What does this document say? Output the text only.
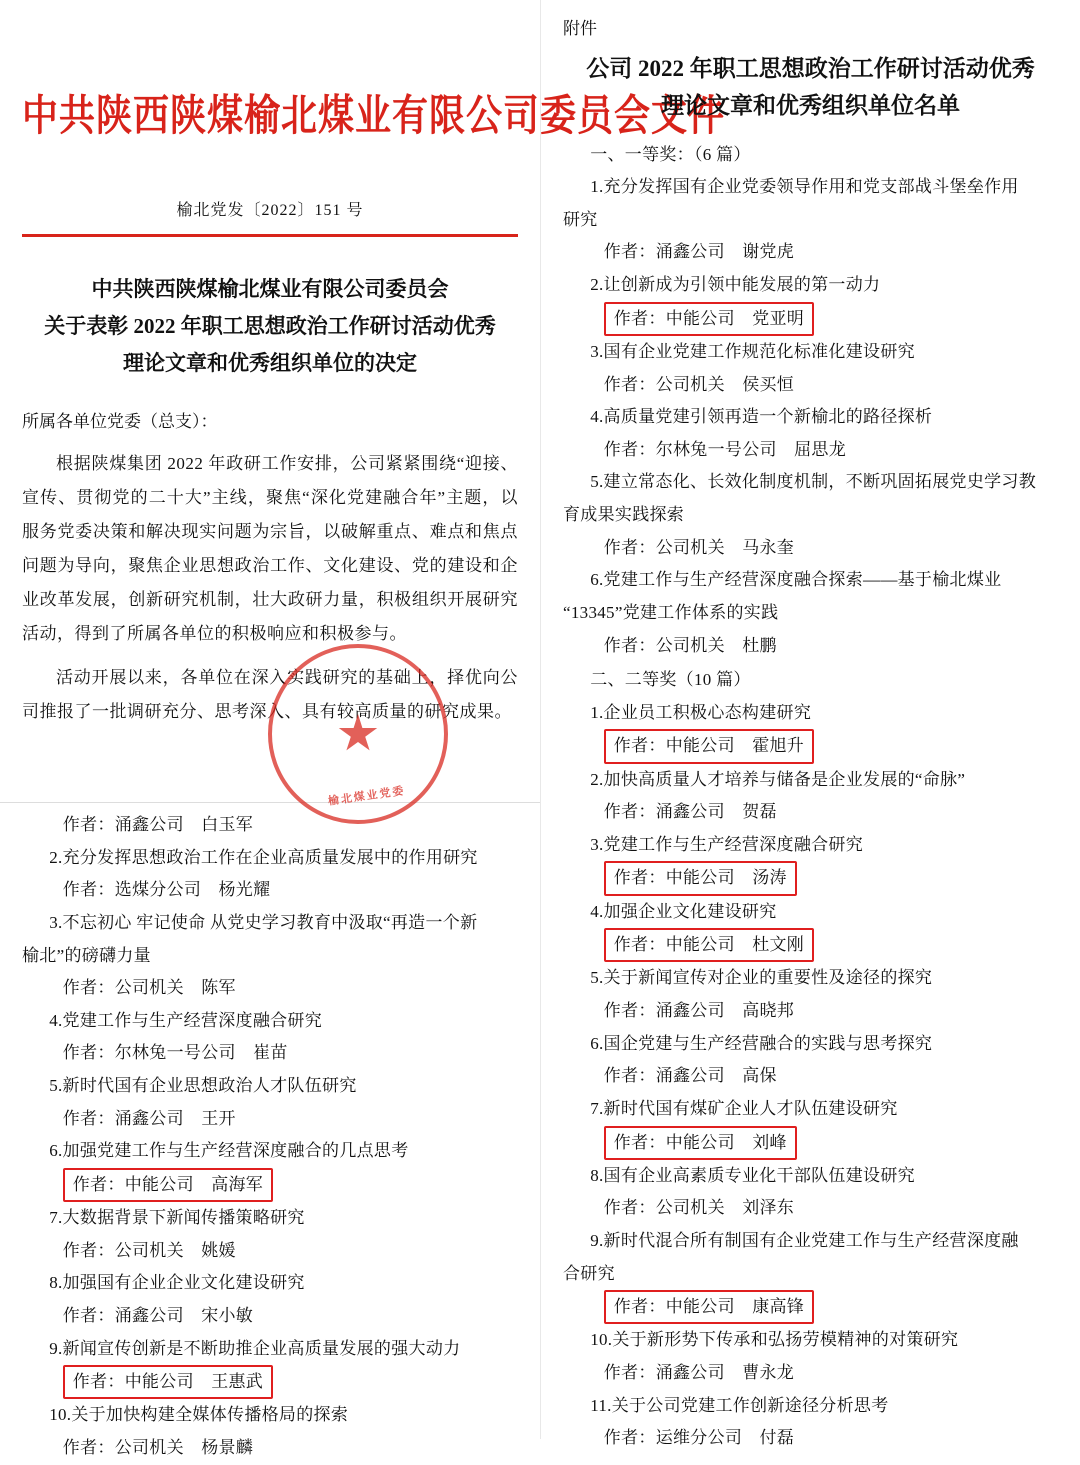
中共陕西陕煤榆北煤业有限公司委员会文件
榆北党发〔2022〕151 号
中共陕西陕煤榆北煤业有限公司委员会
关于表彰 2022 年职工思想政治工作研讨活动优秀
理论文章和优秀组织单位的决定
所属各单位党委（总支）：
根据陕煤集团 2022 年政研工作安排，公司紧紧围绕“迎接、宣传、贯彻党的二十大”主线，聚焦“深化党建融合年”主题，以服务党委决策和解决现实问题为宗旨，以破解重点、难点和焦点问题为导向，聚焦企业思想政治工作、文化建设、党的建设和企业改革发展，创新研究机制，壮大政研力量，积极组织开展研究活动，得到了所属各单位的积极响应和积极参与。
活动开展以来，各单位在深入实践研究的基础上，择优向公司推报了一批调研充分、思考深入、具有较高质量的研究成果。
榆北煤业党委
作者：涌鑫公司　白玉军
2.充分发挥思想政治工作在企业高质量发展中的作用研究
作者：选煤分公司　杨光耀
3.不忘初心 牢记使命 从党史学习教育中汲取“再造一个新
榆北”的磅礴力量
作者：公司机关　陈军
4.党建工作与生产经营深度融合研究
作者：尔林兔一号公司　崔苗
5.新时代国有企业思想政治人才队伍研究
作者：涌鑫公司　王开
6.加强党建工作与生产经营深度融合的几点思考
作者：中能公司　高海军
7.大数据背景下新闻传播策略研究
作者：公司机关　姚媛
8.加强国有企业企业文化建设研究
作者：涌鑫公司　宋小敏
9.新闻宣传创新是不断助推企业高质量发展的强大动力
作者：中能公司　王惠武
10.关于加快构建全媒体传播格局的探索
作者：公司机关　杨景麟
附件
公司 2022 年职工思想政治工作研讨活动优秀
理论文章和优秀组织单位名单
一、一等奖：（6 篇）
1.充分发挥国有企业党委领导作用和党支部战斗堡垒作用
研究
作者：涌鑫公司　谢党虎
2.让创新成为引领中能发展的第一动力
作者：中能公司　党亚明
3.国有企业党建工作规范化标准化建设研究
作者：公司机关　侯买恒
4.高质量党建引领再造一个新榆北的路径探析
作者：尔林兔一号公司　屈思龙
5.建立常态化、长效化制度机制，不断巩固拓展党史学习教
育成果实践探索
作者：公司机关　马永奎
6.党建工作与生产经营深度融合探索——基于榆北煤业
“13345”党建工作体系的实践
作者：公司机关　杜鹏
二、二等奖（10 篇）
1.企业员工积极心态构建研究
作者：中能公司　霍旭升
2.加快高质量人才培养与储备是企业发展的“命脉”
作者：涌鑫公司　贺磊
3.党建工作与生产经营深度融合研究
作者：中能公司　汤涛
4.加强企业文化建设研究
作者：中能公司　杜文刚
5.关于新闻宣传对企业的重要性及途径的探究
作者：涌鑫公司　高晓邦
6.国企党建与生产经营融合的实践与思考探究
作者：涌鑫公司　高保
7.新时代国有煤矿企业人才队伍建设研究
作者：中能公司　刘峰
8.国有企业高素质专业化干部队伍建设研究
作者：公司机关　刘泽东
9.新时代混合所有制国有企业党建工作与生产经营深度融
合研究
作者：中能公司　康高锋
10.关于新形势下传承和弘扬劳模精神的对策研究
作者：涌鑫公司　曹永龙
11.关于公司党建工作创新途径分析思考
作者：运维分公司　付磊
